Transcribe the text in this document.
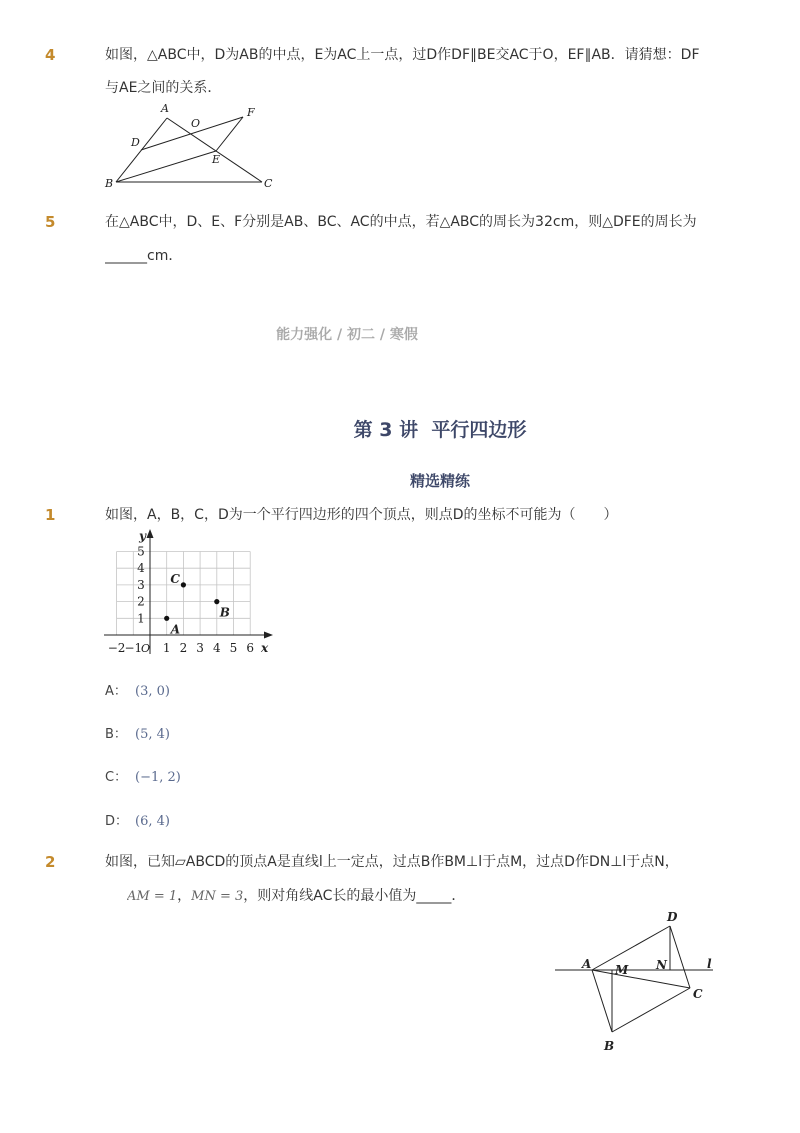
4	如图，△ABC中，D为AB的中点，E为AC上一点，过D作DF∥BE交AC于O，EF∥AB．请猜想：DF
与AE之间的关系．
A
B	C
D
E
F
O
5	在△ABC中，D、E、F分别是AB、BC、AC的中点，若△ABC的周长为32cm，则△DFE的周长为
______cm．
能力强化 / 初二 / 寒假
第 3 讲  平行四边形
精选精练
1	如图，A，B，C，D为一个平行四边形的四个顶点，则点D的坐标不可能为（　　）
x
y
O
−2
−1 1 2 3 4 5 6
1
2
3
4
5
C
B
A
A： (3, 0)
B： (5, 4)
C： (−1, 2)
D： (6, 4)
2	如图，已知▱ABCD的顶点A是直线l上一定点，过点B作BM⊥l于点M，过点D作DN⊥l于点N，
AM = 1，MN = 3，则对角线AC长的最小值为_____．
A M N	l
D
C
B
